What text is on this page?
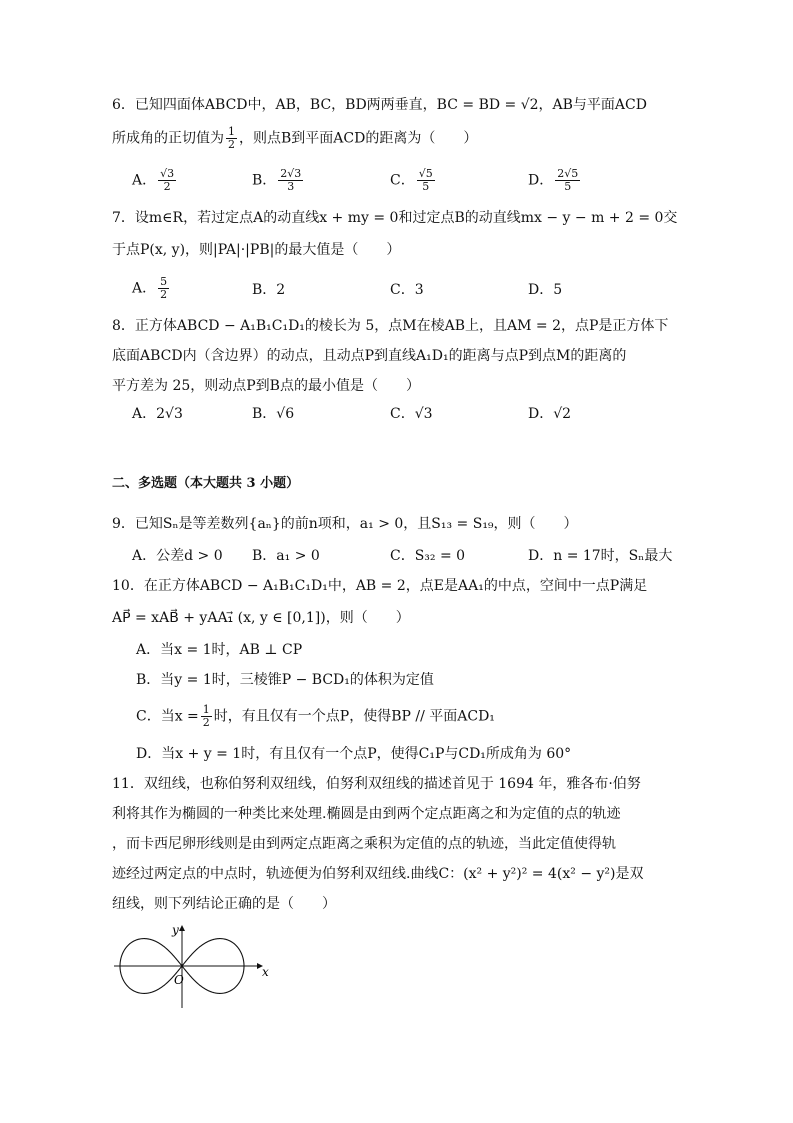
6．已知四面体ABCD中，AB，BC，BD两两垂直，BC = BD = √2，AB与平面ACD
所成角的正切值为 $\frac{1}{2}$ ，则点B到平面ACD的距离为（　　）
A． $\frac{√3}{2}$	B． $\frac{2√3}{3}$	C． $\frac{√5}{5}$	D． $\frac{2√5}{5}$
7．设m∈R，若过定点A的动直线x + my = 0和过定点B的动直线mx − y − m + 2 = 0交
于点P(x, y)，则|PA|·|PB|的最大值是（　　）
A． $\frac{5}{2}$	B．2	C．3	D．5
8．正方体ABCD − A₁B₁C₁D₁的棱长为 5，点M在棱AB上，且AM = 2，点P是正方体下
底面ABCD内（含边界）的动点，且动点P到直线A₁D₁的距离与点P到点M的距离的
平方差为 25，则动点P到B点的最小值是（　　）
A．2√3	B．√6	C．√3	D．√2
二、多选题（本大题共 3 小题）
9．已知Sₙ是等差数列{aₙ}的前n项和，a₁ > 0，且S₁₃ = S₁₉，则（　　）
A．公差d > 0 B．a₁ > 0	C．S₃₂ = 0	D．n = 17时，Sₙ最大
10．在正方体ABCD − A₁B₁C₁D₁中，AB = 2，点E是AA₁的中点，空间中一点P满足
AP⃗ = xAB⃗ + yAA₁⃗ (x, y ∈ [0,1])，则（　　）
A．当x = 1时，AB ⊥ CP
B．当y = 1时，三棱锥P − BCD₁的体积为定值
C．当$x = \frac{1}{2}$ 时，有且仅有一个点P，使得BP // 平面ACD₁
D．当x + y = 1时，有且仅有一个点P，使得C₁P与CD₁所成角为 60°
11．双纽线，也称伯努利双纽线，伯努利双纽线的描述首见于 1694 年，雅各布·伯努
利将其作为椭圆的一种类比来处理.椭圆是由到两个定点距离之和为定值的点的轨迹
，而卡西尼卵形线则是由到两定点距离之乘积为定值的点的轨迹，当此定值使得轨
迹经过两定点的中点时，轨迹便为伯努利双纽线.曲线C：(x² + y²)² = 4(x² − y²)是双
纽线，则下列结论正确的是（　　）
y
x
O
